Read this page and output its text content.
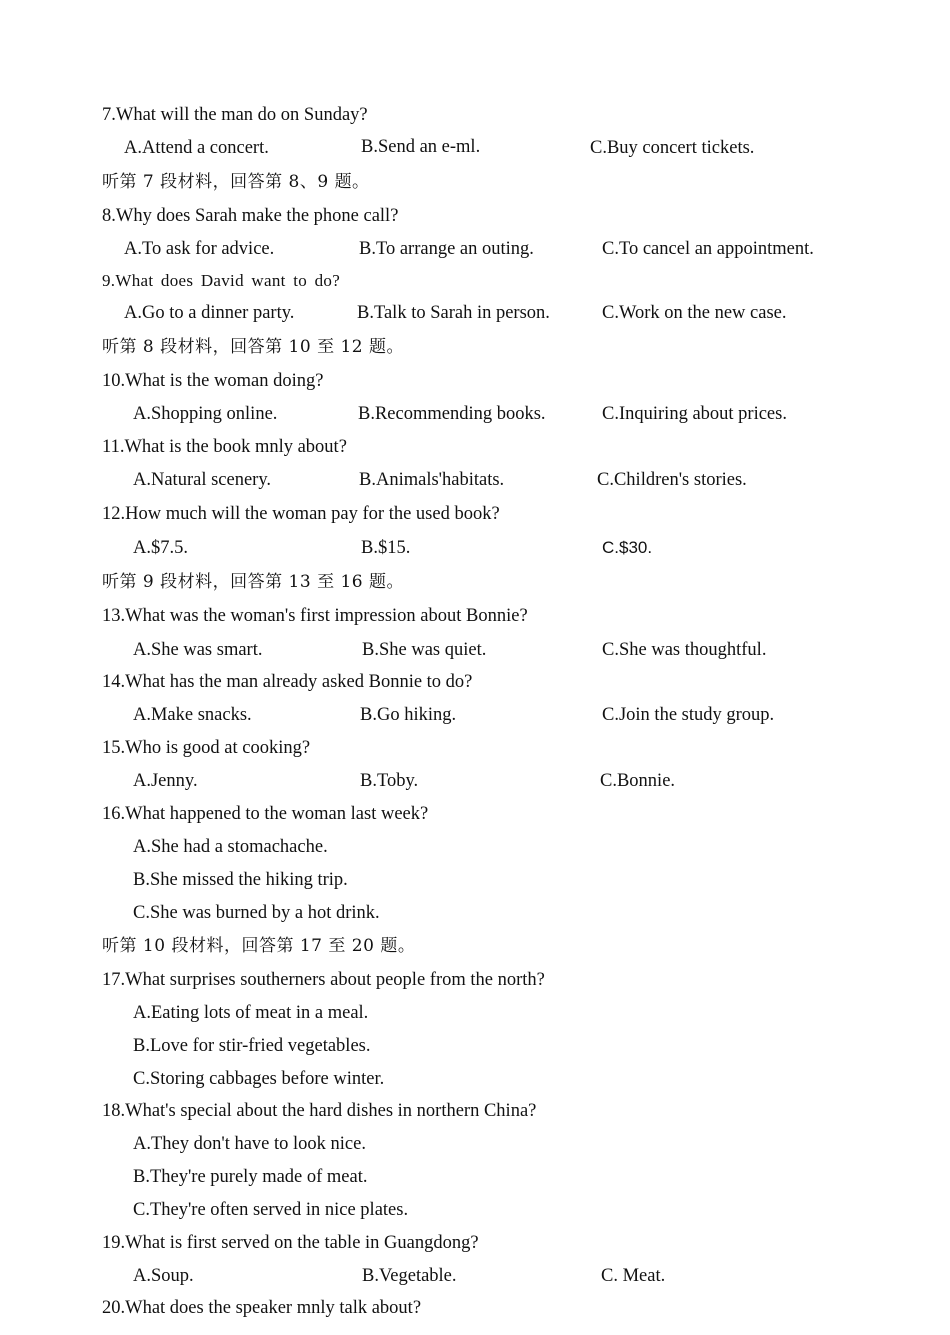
7.What will the man do on Sunday?
A.Attend a concert.	B.Send an e-ml.	C.Buy concert tickets.
听第 7 段材料，回答第 8、9 题。
8.Why does Sarah make the phone call?
A.To ask for advice.	B.To arrange an outing.	C.To cancel an appointment.
9.What does David want to do?
A.Go to a dinner party.	B.Talk to Sarah in person.	C.Work on the new case.
听第 8 段材料，回答第 10 至 12 题。
10.What is the woman doing?
A.Shopping online.	B.Recommending books.	C.Inquiring about prices.
11.What is the book mnly about?
A.Natural scenery.	B.Animals'habitats.	C.Children's stories.
12.How much will the woman pay for the used book?
A.$7.5.	B.$15.	C.$30.
听第 9 段材料，回答第 13 至 16 题。
13.What was the woman's first impression about Bonnie?
A.She was smart.	B.She was quiet.	C.She was thoughtful.
14.What has the man already asked Bonnie to do?
A.Make snacks.	B.Go hiking.	C.Join the study group.
15.Who is good at cooking?
A.Jenny.	B.Toby.	C.Bonnie.
16.What happened to the woman last week?
A.She had a stomachache.
B.She missed the hiking trip.
C.She was burned by a hot drink.
听第 10 段材料，回答第 17 至 20 题。
17.What surprises southerners about people from the north?
A.Eating lots of meat in a meal.
B.Love for stir-fried vegetables.
C.Storing cabbages before winter.
18.What's special about the hard dishes in northern China?
A.They don't have to look nice.
B.They're purely made of meat.
C.They're often served in nice plates.
19.What is first served on the table in Guangdong?
A.Soup.	B.Vegetable.	C. Meat.
20.What does the speaker mnly talk about?
